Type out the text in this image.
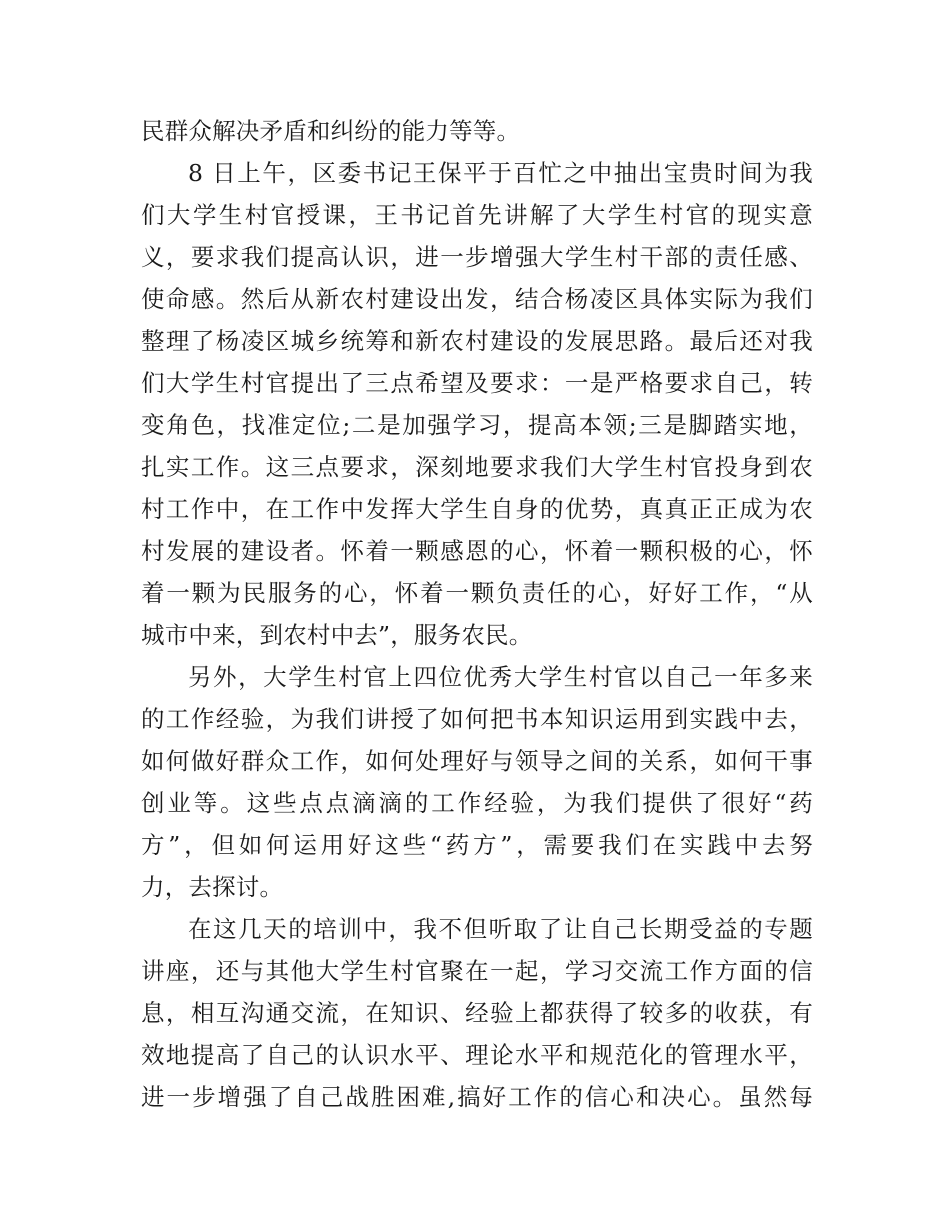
民群众解决矛盾和纠纷的能力等等。
8 日上午，区委书记王保平于百忙之中抽出宝贵时间为我
们大学生村官授课，王书记首先讲解了大学生村官的现实意
义，要求我们提高认识，进一步增强大学生村干部的责任感、
使命感。然后从新农村建设出发，结合杨凌区具体实际为我们
整理了杨凌区城乡统筹和新农村建设的发展思路。最后还对我
们大学生村官提出了三点希望及要求：一是严格要求自己，转
变角色，找准定位;二是加强学习，提高本领;三是脚踏实地，
扎实工作。这三点要求，深刻地要求我们大学生村官投身到农
村工作中，在工作中发挥大学生自身的优势，真真正正成为农
村发展的建设者。怀着一颗感恩的心，怀着一颗积极的心，怀
着一颗为民服务的心，怀着一颗负责任的心，好好工作，“从
城市中来，到农村中去”，服务农民。
另外，大学生村官上四位优秀大学生村官以自己一年多来
的工作经验，为我们讲授了如何把书本知识运用到实践中去，
如何做好群众工作，如何处理好与领导之间的关系，如何干事
创业等。这些点点滴滴的工作经验，为我们提供了很好“药
方”，但如何运用好这些“药方”，需要我们在实践中去努
力，去探讨。
在这几天的培训中，我不但听取了让自己长期受益的专题
讲座，还与其他大学生村官聚在一起，学习交流工作方面的信
息，相互沟通交流，在知识、经验上都获得了较多的收获，有
效地提高了自己的认识水平、理论水平和规范化的管理水平，
进一步增强了自己战胜困难,搞好工作的信心和决心。虽然每
